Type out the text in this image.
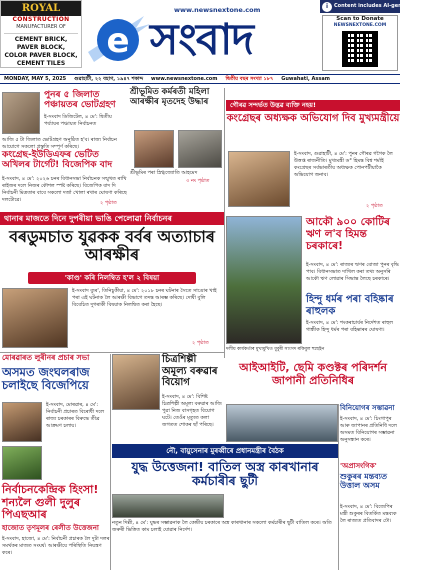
ROYAL
CONSTRUCTION
MANUFACTURER OF
CEMENT BRICK, PAVER BLOCK,
COLOR PAVER BLOCK,
CEMENT TILES
www.newsnextone.com
e সংবাদ
i	Content includes AI-generated material
Scan to Donate
NEWSNEXTONE.COM
MONDAY, MAY 5, 2025	গুৱাহাটী, ২২ বহাগ, ১৯৪৭ শকাব্দ	www.newsnextone.com	দ্বিতীয় বছৰ সংখ্যা ১৮৭	Guwahati, Assam
পুনৰ ৫ জিলাত পঞ্চায়তৰ ভোটগ্ৰহণ
ই-সংবাদ ডিজিটেল, ৪ মে': দ্বিতীয় পৰ্য্যায়ৰ পঞ্চায়ত নিৰ্বাচনত
আজি ৫ টা জিলাত ভোটগ্ৰহণ অনুষ্ঠিত হ'ব। ৰাজ্য নিৰ্বাচন আয়োগে সকলো প্ৰস্তুতি সম্পূৰ্ণ কৰিছে।
শ্ৰীভূমিত কৰ্মৰতী মহিলা আৰক্ষীৰ মৃতদেহ উদ্ধাৰ
শ্ৰীভূমিৰ পৰা স্নিগ্ধজ্যোতি আহমেদ
৩ নং পৃষ্ঠাত
কংগ্ৰেছ-ইউডিএফৰ ভেটিত অখিলৰ টাৰ্গেট! বিজেপিক বাদ
ই-সংবাদ, ৪ মে': ২০২৬ চনৰ বিধানসভা নিৰ্বাচনক সন্মুখত ৰাখি ৰাইজৰ দলে নিজৰ কৌশল স্পষ্ট কৰিছে। বিজেপিক বাদ দি নিৰ্বাচনী মিত্ৰতাৰ বাবে সকলো দৰ্জা খোলা ৰখাৰ ঘোষণা কৰিছে দলটোৱে।	২ পৃষ্ঠাত
গৌৰৱ সন্দৰ্ভত উদ্ভৱ ব্যক্তি নহয়!
কংগ্ৰেছৰ অধ্যক্ষক অভিযোগ দিব মুখ্যমন্ত্ৰীয়ে
ই-সংবাদ, গুৱাহাটী, ৪ মে': পুনৰ গৌৰৱ গগৈক লৈ উত্তপ্ত ৰাজনীতি। মুখ্যমন্ত্ৰী ড° হিমন্ত বিশ্ব শৰ্মাই কংগ্ৰেছৰ সৰ্বভাৰতীয় অধ্যক্ষক পোনপটীয়াকৈ অভিযোগ জনাব।
২ পৃষ্ঠাত
থানাৰ মাজতে দিনে দুপৰীয়া ভাঙি পেলোৱা নিৰ্বাচনৰ
বৰডুমচাত যুৱকক বৰ্বৰ অত্যাচাৰ আৰক্ষীৰ
'কাণ্ড' কৰি নিলম্বিত হ'ল ২ বিষয়া
ই-সংবাদ ব্যুৰ', তিনিচুকীয়া, ৪ মে': ২০১৮ চনৰ ঘটনাৰ সৈতে সাঙোৰ খাই পৰা এই ঘটনাক লৈ আৰক্ষী বিভাগে তদন্ত আৰম্ভ কৰিছে। দোষী বুলি বিবেচিত দুগৰাকী বিষয়াক নিলম্বিত কৰা হৈছে।
২ পৃষ্ঠাত
আকৌ ৯০০ কোটিৰ ঋণ ল'ব হিমন্ত চৰকাৰে!
ই-সংবাদ, ৪ মে': ৰাজ্যৰ ঋণৰ বোজা পুনৰ বৃদ্ধি পাব। বিধানসভাত দাখিল কৰা তথ্য অনুসৰি আকৌ ঋণ লোৱাৰ সিদ্ধান্ত লৈছে চৰকাৰে।
হিন্দু ধৰ্মৰ পৰা বহিষ্কাৰ ৰাহুলক
ই-সংবাদ, ৪ মে': শংকৰাচাৰ্যৰ নিৰ্দেশত ৰাহুল গান্ধীক হিন্দু ধৰ্মৰ পৰা বহিষ্কাৰৰ ঘোষণা।
দলীয় কাৰ্যকৰ্তাৰ মুখামুখিত ধুবুৰী সাংসদ ৰকিবুল হুছেইন
মোৰৱাৰত লুৰীনৰ প্ৰচাৰ সভা
অসমত জংঘলৰাজ চলাইছে বিজেপিয়ে
ই-সংবাদ, মোৰৱাৰ, ৪ মে': নিৰ্বাচনী প্ৰচাৰত বিৰোধী দলে ৰাজ্য চৰকাৰৰ বিৰুদ্ধে তীব্ৰ আক্ৰমণ চলায়।
নিৰ্বাচনকেন্দ্ৰিক হিংসা! শন্যলৈ গুলী দুলুৰ পিএছআৰ
হাজোত তৃণমূলৰ ৰেলীত উত্তেজনা
ই-সংবাদ, হাজো, ৪ মে': নিৰ্বাচনী প্ৰচাৰক লৈ দুটা দলৰ সমৰ্থকৰ মাজত সংঘৰ্ষ। আৰক্ষীয়ে পৰিস্থিতি নিয়ন্ত্ৰণ কৰে।
চিত্ৰশিল্পী অমূল্য বৰুৱাৰ বিয়োগ
ই-সংবাদ, ৪ মে': বিশিষ্ট চিত্ৰশিল্পী অমূল্য বৰুৱাৰ আজি পুৱা নিজ বাসগৃহত বিয়োগ ঘটে। তেওঁৰ মৃত্যুত কলা জগতত শোকৰ ছাঁ পৰিছে।
আইআইটি, ছেমি কণ্ডক্টৰ পৰিদৰ্শন জাপানী প্ৰতিনিধিৰ
বিনিয়োগৰ সম্ভাৱনা
ই-সংবাদ, ৪ মে': চিংগাপুৰ আৰু জাপানৰ প্ৰতিনিধি দলে অসমত বিনিয়োগৰ সম্ভাৱনা অনুসন্ধান কৰে।
নৌ, বায়ুসেনাৰ মুৰব্বীৰে প্ৰধানমন্ত্ৰীৰ বৈঠক
যুদ্ধ উত্তেজনা! বাতিল অস্ত্ৰ কাৰখানাৰ কৰ্মচাৰীৰ ছুটী
নতুন দিল্লী, ৪ মে': যুদ্ধৰ সম্ভাৱনাক লৈ কেন্দ্ৰীয় চৰকাৰে অস্ত্ৰ কাৰখানাৰ সকলো কৰ্মচাৰীৰ ছুটী বাতিল কৰে। অতি জৰুৰী ভিত্তিত কাম চলাই যোৱাৰ নিৰ্দেশ।
'অপ্ৰাসংগিক'
শুকুৰৰ মন্তব্যত উত্তাল অসম
ই-সংবাদ, ৪ মে': বিজেপিৰ মন্ত্ৰী শুকুৰৰ বিতৰ্কিত মন্তব্যক লৈ ৰাজ্যত প্ৰতিবাদৰ ঢৌ।
